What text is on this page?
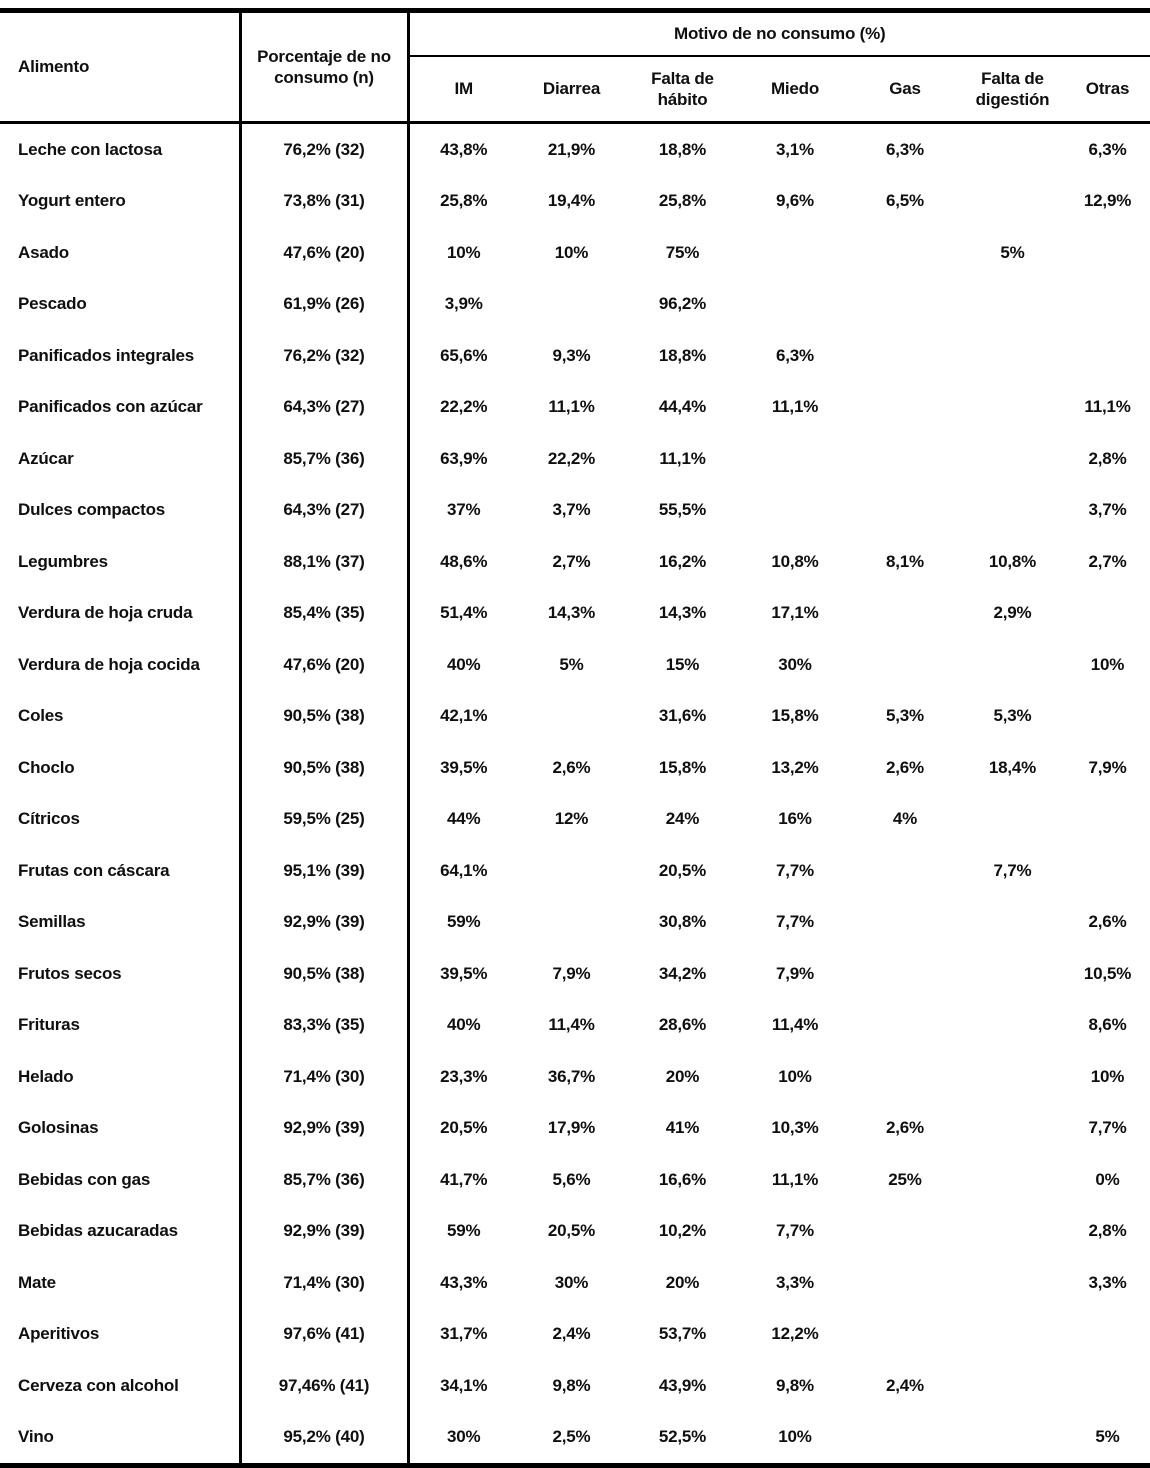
Alimento	Porcentaje de no consumo (n)	Motivo de no consumo (%)						
		IM	Diarrea	Falta de hábito	Miedo	Gas	Falta de digestión	Otras
Leche con lactosa	76,2% (32)	43,8%	21,9%	18,8%	3,1%	6,3%		6,3%
Yogurt entero	73,8% (31)	25,8%	19,4%	25,8%	9,6%	6,5%		12,9%
Asado	47,6% (20)	10%	10%	75%			5%	
Pescado	61,9% (26)	3,9%		96,2%				
Panificados integrales	76,2% (32)	65,6%	9,3%	18,8%	6,3%			
Panificados con azúcar	64,3% (27)	22,2%	11,1%	44,4%	11,1%			11,1%
Azúcar	85,7% (36)	63,9%	22,2%	11,1%				2,8%
Dulces compactos	64,3% (27)	37%	3,7%	55,5%				3,7%
Legumbres	88,1% (37)	48,6%	2,7%	16,2%	10,8%	8,1%	10,8%	2,7%
Verdura de hoja cruda	85,4% (35)	51,4%	14,3%	14,3%	17,1%		2,9%	
Verdura de hoja cocida	47,6% (20)	40%	5%	15%	30%			10%
Coles	90,5% (38)	42,1%		31,6%	15,8%	5,3%	5,3%	
Choclo	90,5% (38)	39,5%	2,6%	15,8%	13,2%	2,6%	18,4%	7,9%
Cítricos	59,5% (25)	44%	12%	24%	16%	4%		
Frutas con cáscara	95,1% (39)	64,1%		20,5%	7,7%		7,7%	
Semillas	92,9% (39)	59%		30,8%	7,7%			2,6%
Frutos secos	90,5% (38)	39,5%	7,9%	34,2%	7,9%			10,5%
Frituras	83,3% (35)	40%	11,4%	28,6%	11,4%			8,6%
Helado	71,4% (30)	23,3%	36,7%	20%	10%			10%
Golosinas	92,9% (39)	20,5%	17,9%	41%	10,3%	2,6%		7,7%
Bebidas con gas	85,7% (36)	41,7%	5,6%	16,6%	11,1%	25%		0%
Bebidas azucaradas	92,9% (39)	59%	20,5%	10,2%	7,7%			2,8%
Mate	71,4% (30)	43,3%	30%	20%	3,3%			3,3%
Aperitivos	97,6% (41)	31,7%	2,4%	53,7%	12,2%			
Cerveza con alcohol	97,46% (41)	34,1%	9,8%	43,9%	9,8%	2,4%		
Vino	95,2% (40)	30%	2,5%	52,5%	10%			5%
